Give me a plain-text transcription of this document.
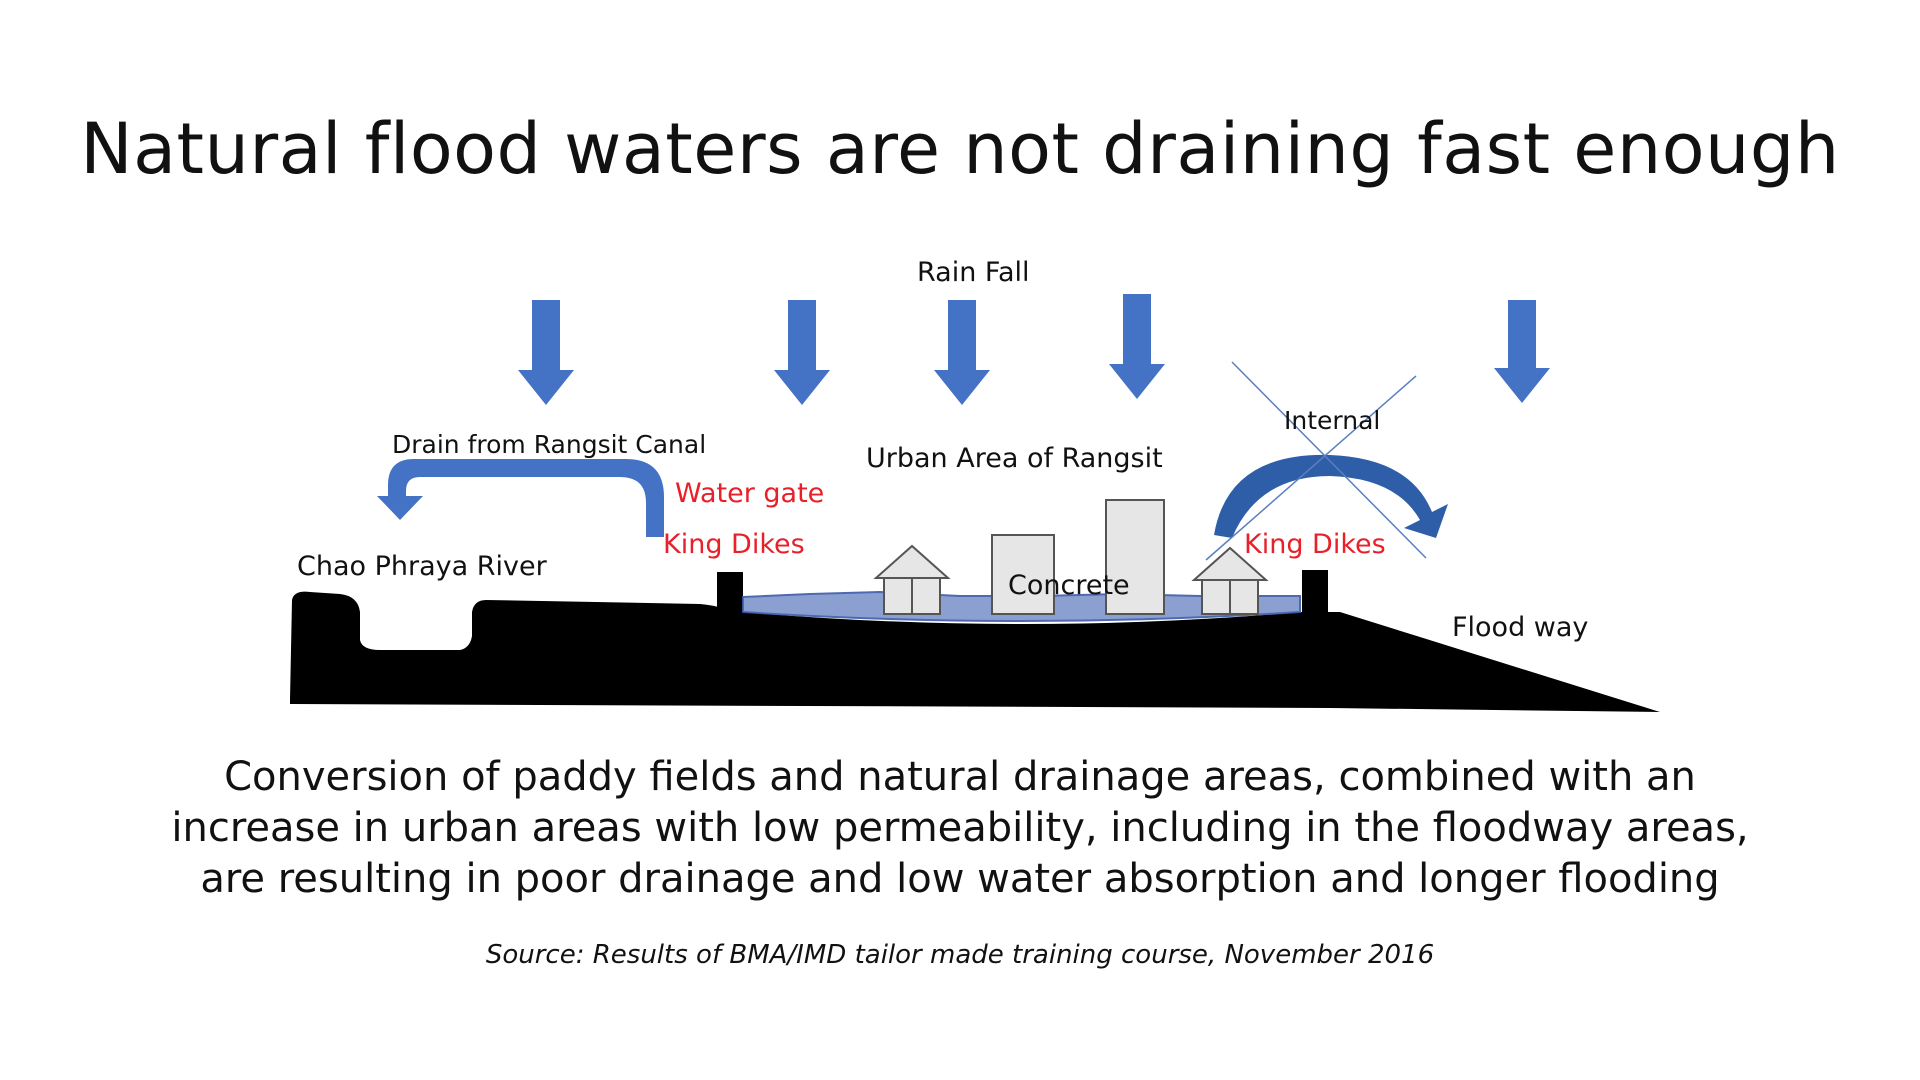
Natural flood waters are not draining fast enough
Rain Fall
Drain from Rangsit Canal
Water gate
King Dikes
Chao Phraya River
Urban Area of Rangsit
Internal
King Dikes
Concrete
Flood way
Conversion of paddy fields and natural drainage areas, combined with an
increase in urban areas with low permeability, including in the floodway areas,
are resulting in poor drainage and low water absorption and longer flooding
Source: Results of BMA/IMD tailor made training course, November 2016
